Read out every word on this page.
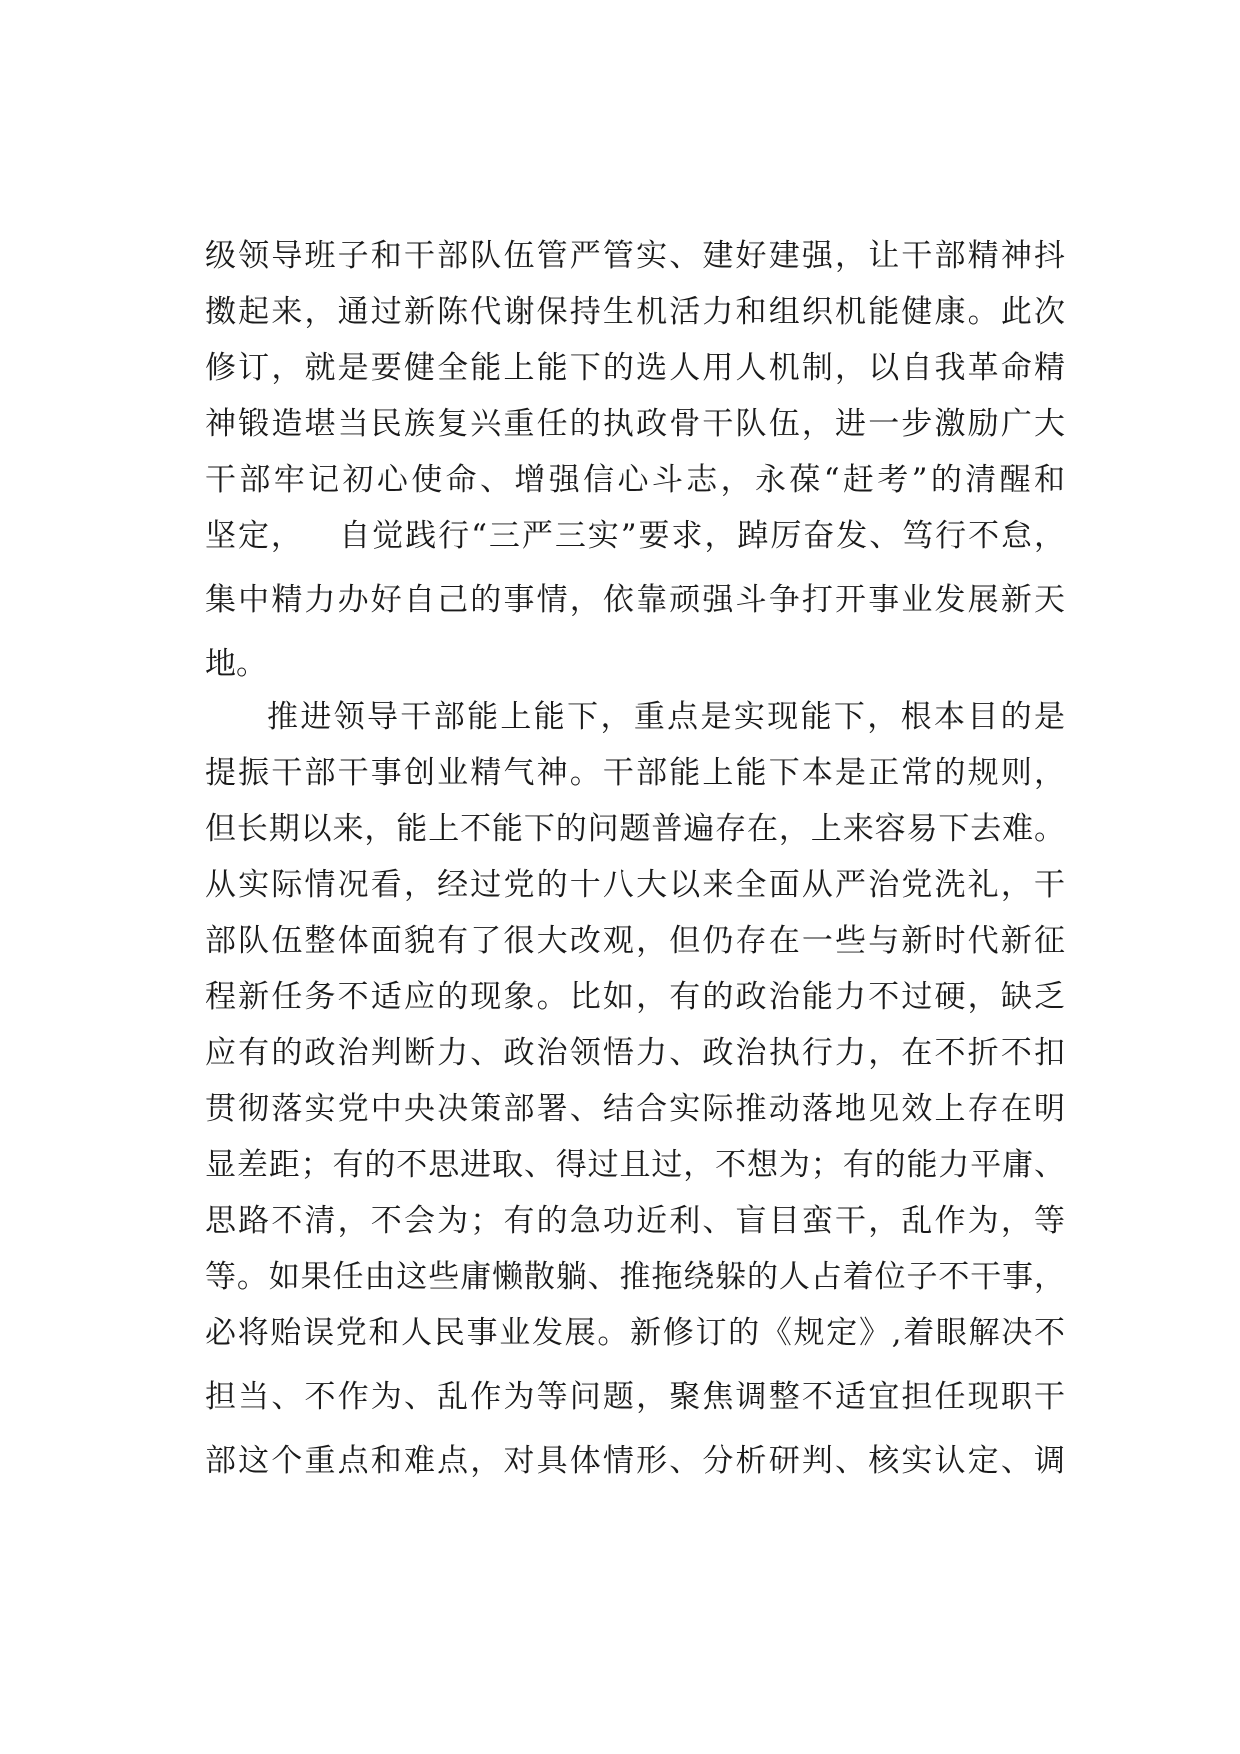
级领导班子和干部队伍管严管实、建好建强，让干部精神抖
擞起来，通过新陈代谢保持生机活力和组织机能健康。此次
修订，就是要健全能上能下的选人用人机制，以自我革命精
神锻造堪当民族复兴重任的执政骨干队伍，进一步激励广大
干部牢记初心使命、增强信心斗志，永葆“赶考”的清醒和
坚定，   自觉践行“三严三实”要求，踔厉奋发、笃行不怠，
集中精力办好自己的事情，依靠顽强斗争打开事业发展新天
地。
推进领导干部能上能下，重点是实现能下，根本目的是
提振干部干事创业精气神。干部能上能下本是正常的规则，
但长期以来，能上不能下的问题普遍存在，上来容易下去难。
从实际情况看，经过党的十八大以来全面从严治党洗礼，干
部队伍整体面貌有了很大改观，但仍存在一些与新时代新征
程新任务不适应的现象。比如，有的政治能力不过硬，缺乏
应有的政治判断力、政治领悟力、政治执行力，在不折不扣
贯彻落实党中央决策部署、结合实际推动落地见效上存在明
显差距；有的不思进取、得过且过，不想为；有的能力平庸、
思路不清，不会为；有的急功近利、盲目蛮干，乱作为，等
等。如果任由这些庸懒散躺、推拖绕躲的人占着位子不干事，
必将贻误党和人民事业发展。新修订的《规定》,着眼解决不
担当、不作为、乱作为等问题，聚焦调整不适宜担任现职干
部这个重点和难点，对具体情形、分析研判、核实认定、调
